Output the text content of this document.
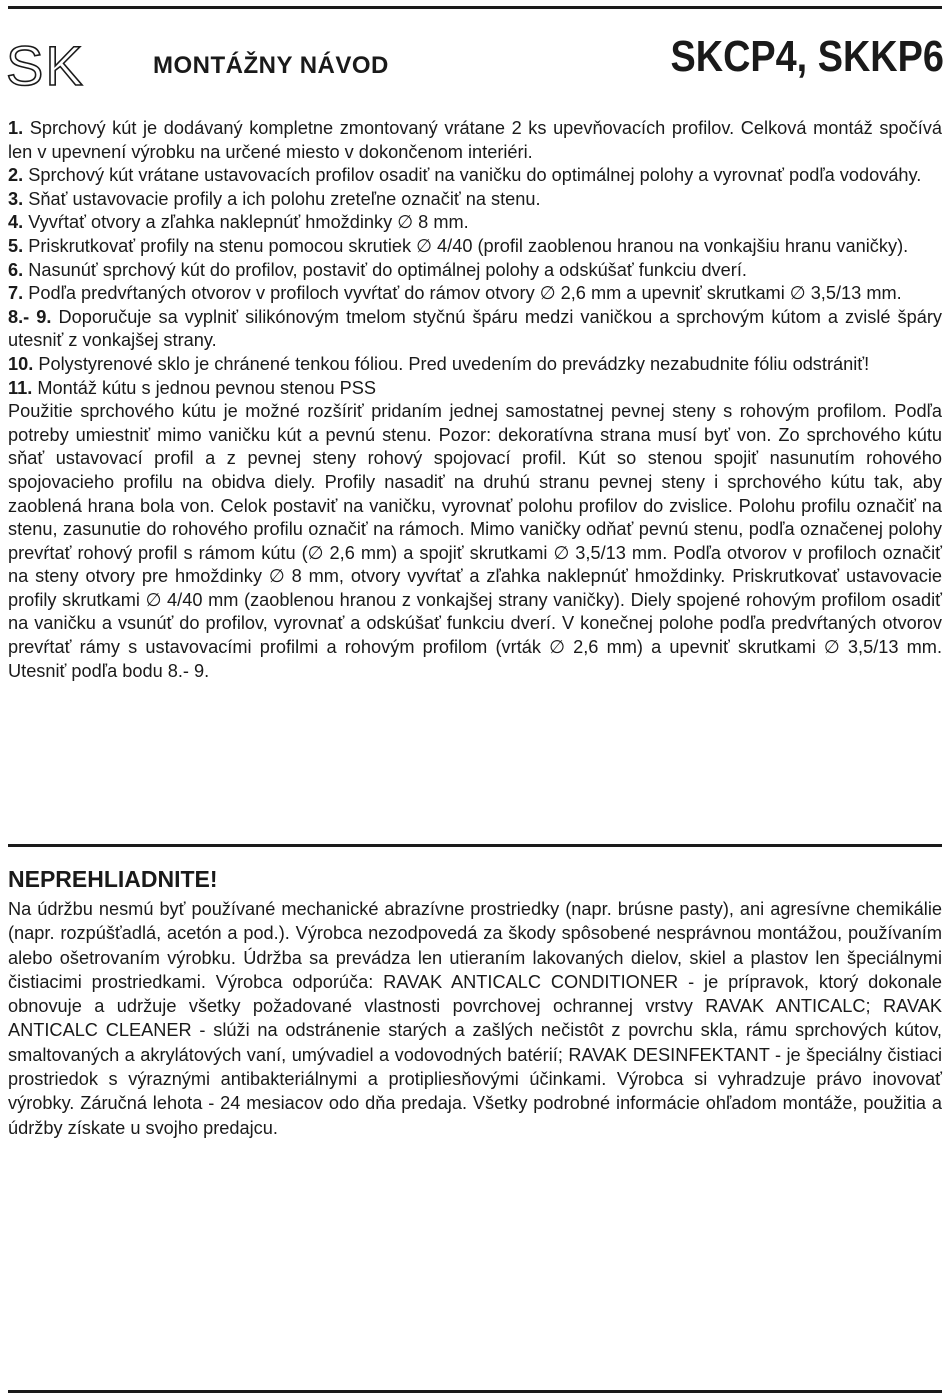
SK	MONTÁŽNY NÁVOD	SKCP4, SKKP6

1. Sprchový kút je dodávaný kompletne zmontovaný vrátane 2 ks upevňovacích profilov. Celková montáž spočívá len v upevnení výrobku na určené miesto v dokončenom interiéri.

2. Sprchový kút vrátane ustavovacích profilov osadiť na vaničku do optimálnej polohy a vyrovnať podľa vodováhy.

3. Sňať ustavovacie profily a ich polohu zreteľne označiť na stenu.

4. Vyvŕtať otvory a zľahka naklepnúť hmoždinky ∅ 8 mm.

5. Priskrutkovať profily na stenu pomocou skrutiek ∅ 4/40 (profil zaoblenou hranou na vonkajšiu hranu vaničky).

6. Nasunúť sprchový kút do profilov, postaviť do optimálnej polohy a odskúšať funkciu dverí.

7. Podľa predvŕtaných otvorov v profiloch vyvŕtať do rámov otvory ∅ 2,6 mm a upevniť skrutkami ∅ 3,5/13 mm.

8.- 9. Doporučuje sa vyplniť silikónovým tmelom styčnú špáru medzi vaničkou a sprchovým kútom a zvislé špáry utesniť z vonkajšej strany.

10. Polystyrenové sklo je chránené tenkou fóliou. Pred uvedením do prevádzky nezabudnite fóliu odstrániť!

11. Montáž kútu s jednou pevnou stenou PSS

Použitie sprchového kútu je možné rozšíriť pridaním jednej samostatnej pevnej steny s rohovým profilom. Podľa potreby umiestniť mimo vaničku kút a pevnú stenu. Pozor: dekoratívna strana musí byť von. Zo sprchového kútu sňať ustavovací profil a z pevnej steny rohový spojovací profil. Kút so stenou spojiť nasunutím rohového spojovacieho profilu na obidva diely. Profily nasadiť na druhú stranu pevnej steny i sprchového kútu tak, aby zaoblená hrana bola von. Celok postaviť na vaničku, vyrovnať polohu profilov do zvislice. Polohu profilu označiť na stenu, zasunutie do rohového profilu označiť na rámoch. Mimo vaničky odňať pevnú stenu, podľa označenej polohy prevŕtať rohový profil s rámom kútu (∅ 2,6 mm) a spojiť skrutkami ∅ 3,5/13 mm. Podľa otvorov v profiloch označiť na steny otvory pre hmoždinky ∅ 8 mm, otvory vyvŕtať a zľahka naklepnúť hmoždinky. Priskrutkovať ustavovacie profily skrutkami ∅ 4/40 mm (zaoblenou hranou z vonkajšej strany vaničky). Diely spojené rohovým profilom osadiť na vaničku a vsunúť do profilov, vyrovnať a odskúšať funkciu dverí. V konečnej polohe podľa predvŕtaných otvorov prevŕtať rámy s ustavovacími profilmi a rohovým profilom (vrták ∅ 2,6 mm) a upevniť skrutkami ∅ 3,5/13 mm. Utesniť podľa bodu 8.- 9.

NEPREHLIADNITE!
Na údržbu nesmú byť používané mechanické abrazívne prostriedky (napr. brúsne pasty), ani agresívne chemikálie (napr. rozpúšťadlá, acetón a pod.). Výrobca nezodpovedá za škody spôsobené nesprávnou montážou, používaním alebo ošetrovaním výrobku. Údržba sa prevádza len utieraním lakovaných dielov, skiel a plastov len špeciálnymi čistiacimi prostriedkami. Výrobca odporúča: RAVAK ANTICALC CONDITIONER - je prípravok, ktorý dokonale obnovuje a udržuje všetky požadované vlastnosti povrchovej ochrannej vrstvy RAVAK ANTICALC; RAVAK ANTICALC CLEANER - slúži na odstránenie starých a zašlých nečistôt z povrchu skla, rámu sprchových kútov, smaltovaných a akrylátových vaní, umývadiel a vodovodných batérií; RAVAK DESINFEKTANT - je špeciálny čistiaci prostriedok s výraznými antibakteriálnymi a protipliesňovými účinkami. Výrobca si vyhradzuje právo inovovať výrobky. Záručná lehota - 24 mesiacov odo dňa predaja. Všetky podrobné informácie ohľadom montáže, použitia a údržby získate u svojho predajcu.
